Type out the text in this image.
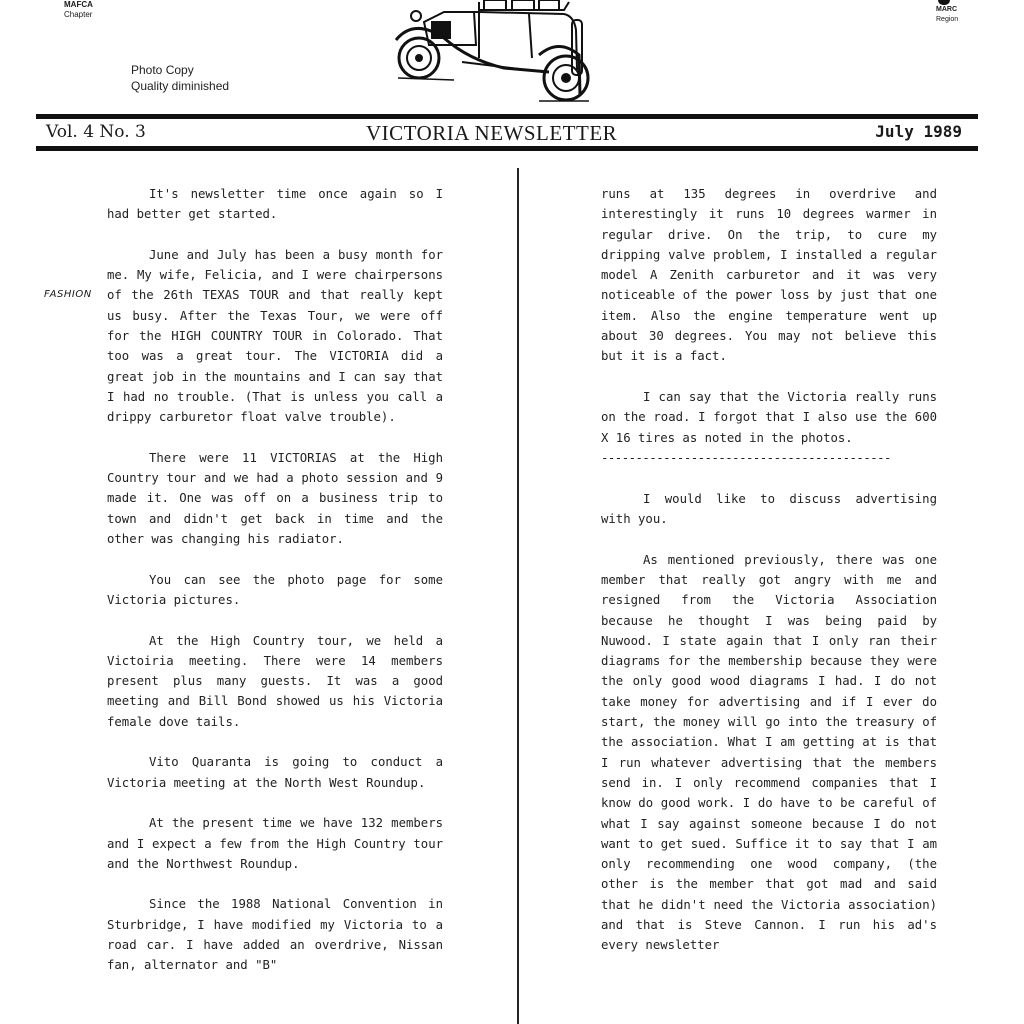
MAFCA
Chapter
MARC
Region
Photo Copy
Quality diminished
Vol. 4 No. 3	VICTORIA NEWSLETTER	July 1989
FASHION

It's newsletter time once again so I had better get started.

June and July has been a busy month for me. My wife, Felicia, and I were chairpersons of the 26th TEXAS TOUR and that really kept us busy. After the Texas Tour, we were off for the HIGH COUNTRY TOUR in Colorado. That too was a great tour. The VICTORIA did a great job in the mountains and I can say that I had no trouble. (That is unless you call a drippy carburetor float valve trouble).

There were 11 VICTORIAS at the High Country tour and we had a photo session and 9 made it. One was off on a business trip to town and didn't get back in time and the other was changing his radiator.

You can see the photo page for some Victoria pictures.

At the High Country tour, we held a Victoiria meeting. There were 14 members present plus many guests. It was a good meeting and Bill Bond showed us his Victoria female dove tails.

Vito Quaranta is going to conduct a Victoria meeting at the North West Roundup.

At the present time we have 132 members and I expect a few from the High Country tour and the Northwest Roundup.

Since the 1988 National Convention in Sturbridge, I have modified my Victoria to a road car. I have added an overdrive, Nissan fan, alternator and "B"

runs at 135 degrees in overdrive and interestingly it runs 10 degrees warmer in regular drive. On the trip, to cure my dripping valve problem, I installed a regular model A Zenith carburetor and it was very noticeable of the power loss by just that one item. Also the engine temperature went up about 30 degrees. You may not believe this but it is a fact.

I can say that the Victoria really runs on the road. I forgot that I also use the 600 X 16 tires as noted in the photos.

------------------------------------------

I would like to discuss advertising with you.

As mentioned previously, there was one member that really got angry with me and resigned from the Victoria Association because he thought I was being paid by Nuwood. I state again that I only ran their diagrams for the membership because they were the only good wood diagrams I had. I do not take money for advertising and if I ever do start, the money will go into the treasury of the association. What I am getting at is that I run whatever advertising that the members send in. I only recommend companies that I know do good work. I do have to be careful of what I say against someone because I do not want to get sued. Suffice it to say that I am only recommending one wood company, (the other is the member that got mad and said that he didn't need the Victoria association) and that is Steve Cannon. I run his ad's every newsletter
